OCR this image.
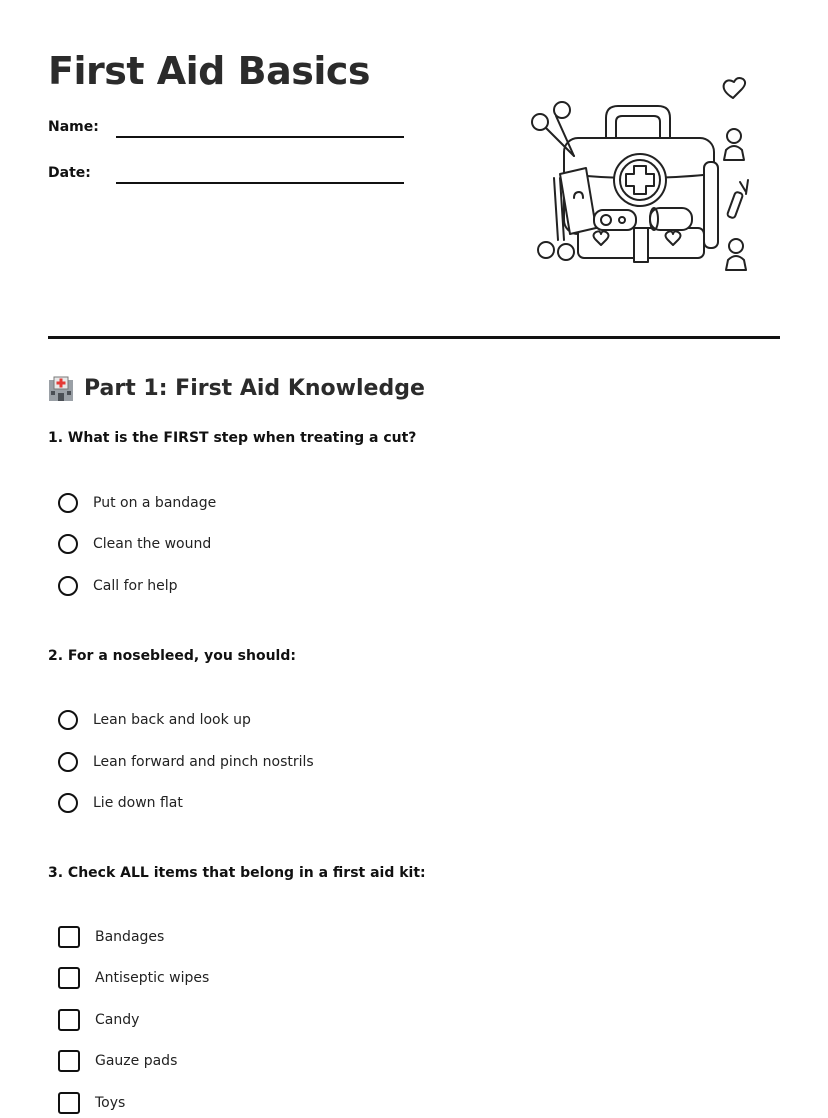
First Aid Basics
Name:
Date:
Part 1: First Aid Knowledge
1. What is the FIRST step when treating a cut?
Put on a bandage
Clean the wound
Call for help
2. For a nosebleed, you should:
Lean back and look up
Lean forward and pinch nostrils
Lie down flat
3. Check ALL items that belong in a first aid kit:
Bandages
Antiseptic wipes
Candy
Gauze pads
Toys
